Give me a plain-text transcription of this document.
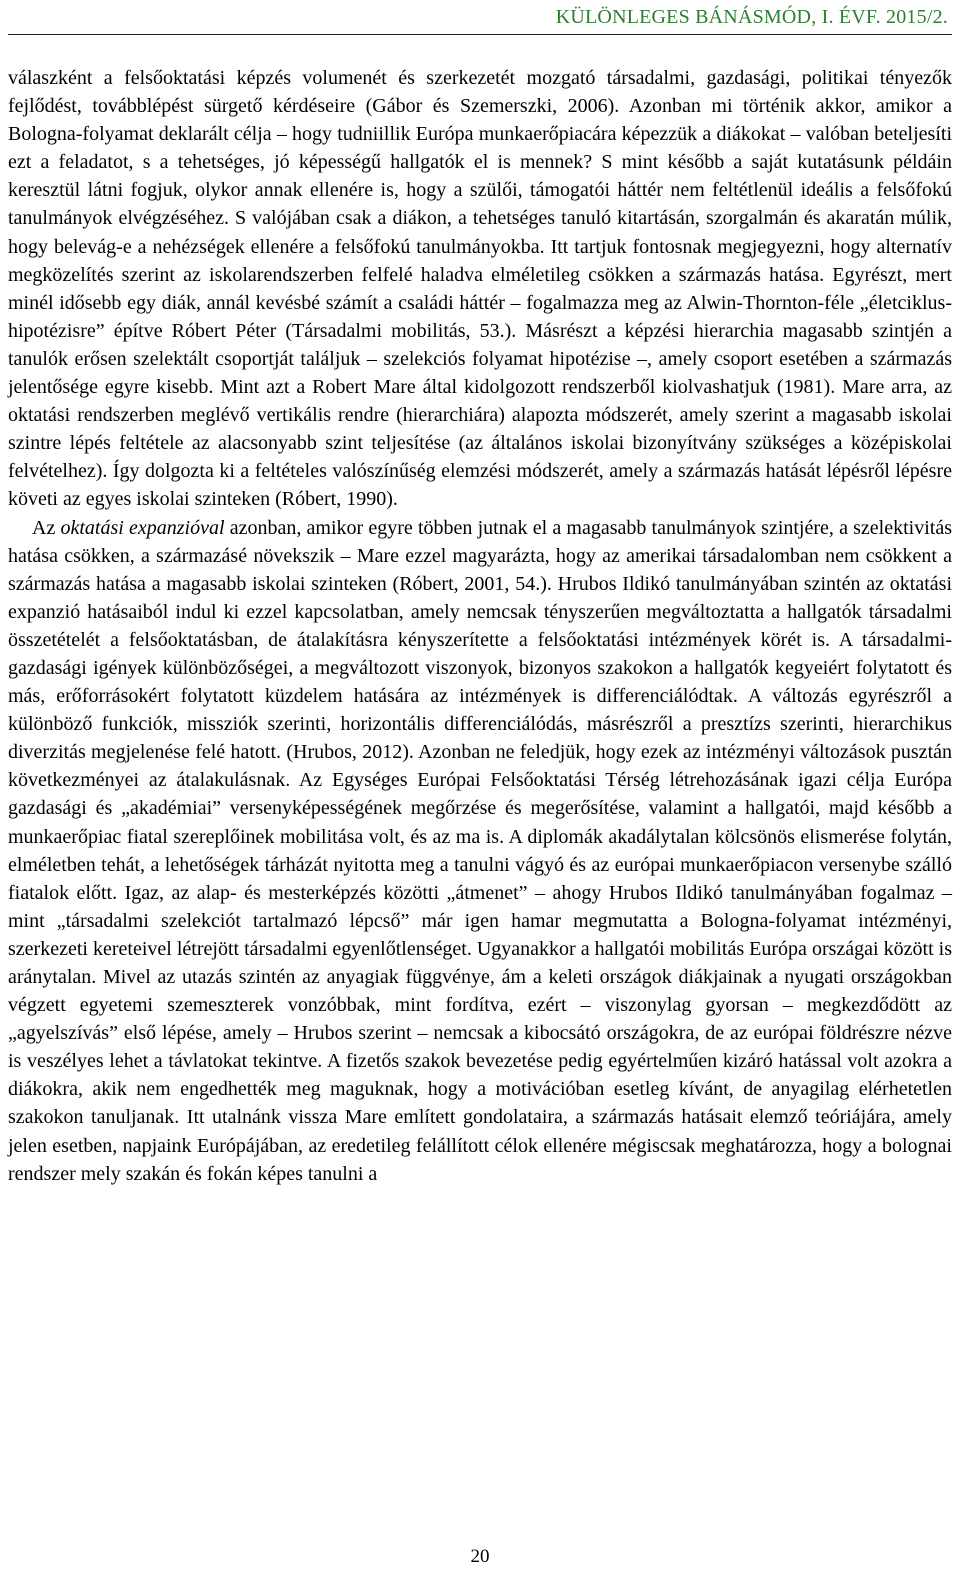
KÜLÖNLEGES BÁNÁSMÓD, I. ÉVF. 2015/2.

válaszként a felsőoktatási képzés volumenét és szerkezetét mozgató társadalmi, gazdasági, politikai tényezők fejlődést, továbblépést sürgető kérdéseire (Gábor és Szemerszki, 2006). Azonban mi történik akkor, amikor a Bologna-folyamat deklarált célja – hogy tudniillik Európa munkaerőpiacára képezzük a diákokat – valóban beteljesíti ezt a feladatot, s a tehetséges, jó képességű hallgatók el is mennek? S mint később a saját kutatásunk példáin keresztül látni fogjuk, olykor annak ellenére is, hogy a szülői, támogatói háttér nem feltétlenül ideális a felsőfokú tanulmányok elvégzéséhez. S valójában csak a diákon, a tehetséges tanuló kitartásán, szorgalmán és akaratán múlik, hogy belevág-e a nehézségek ellenére a felsőfokú tanulmányokba. Itt tartjuk fontosnak megjegyezni, hogy alternatív megközelítés szerint az iskolarendszerben felfelé haladva elméletileg csökken a származás hatása. Egyrészt, mert minél idősebb egy diák, annál kevésbé számít a családi háttér – fogalmazza meg az Alwin-Thornton-féle „életciklus-hipotézisre” építve Róbert Péter (Társadalmi mobilitás, 53.). Másrészt a képzési hierarchia magasabb szintjén a tanulók erősen szelektált csoportját találjuk – szelekciós folyamat hipotézise –, amely csoport esetében a származás jelentősége egyre kisebb. Mint azt a Robert Mare által kidolgozott rendszerből kiolvashatjuk (1981). Mare arra, az oktatási rendszerben meglévő vertikális rendre (hierarchiára) alapozta módszerét, amely szerint a magasabb iskolai szintre lépés feltétele az alacsonyabb szint teljesítése (az általános iskolai bizonyítvány szükséges a középiskolai felvételhez). Így dolgozta ki a feltételes valószínűség elemzési módszerét, amely a származás hatását lépésről lépésre követi az egyes iskolai szinteken (Róbert, 1990).

Az oktatási expanzióval azonban, amikor egyre többen jutnak el a magasabb tanulmányok szintjére, a szelektivitás hatása csökken, a származásé növekszik – Mare ezzel magyarázta, hogy az amerikai társadalomban nem csökkent a származás hatása a magasabb iskolai szinteken (Róbert, 2001, 54.). Hrubos Ildikó tanulmányában szintén az oktatási expanzió hatásaiból indul ki ezzel kapcsolatban, amely nemcsak tényszerűen megváltoztatta a hallgatók társadalmi összetételét a felsőoktatásban, de átalakításra kényszerítette a felsőoktatási intézmények körét is. A társadalmi-gazdasági igények különbözőségei, a megváltozott viszonyok, bizonyos szakokon a hallgatók kegyeiért folytatott és más, erőforrásokért folytatott küzdelem hatására az intézmények is differenciálódtak. A változás egyrészről a különböző funkciók, missziók szerinti, horizontális differenciálódás, másrészről a presztízs szerinti, hierarchikus diverzitás megjelenése felé hatott. (Hrubos, 2012). Azonban ne feledjük, hogy ezek az intézményi változások pusztán következményei az átalakulásnak. Az Egységes Európai Felsőoktatási Térség létrehozásának igazi célja Európa gazdasági és „akadémiai” versenyképességének megőrzése és megerősítése, valamint a hallgatói, majd később a munkaerőpiac fiatal szereplőinek mobilitása volt, és az ma is. A diplomák akadálytalan kölcsönös elismerése folytán, elméletben tehát, a lehetőségek tárházát nyitotta meg a tanulni vágyó és az európai munkaerőpiacon versenybe szálló fiatalok előtt. Igaz, az alap- és mesterképzés közötti „átmenet” – ahogy Hrubos Ildikó tanulmányában fogalmaz – mint „társadalmi szelekciót tartalmazó lépcső” már igen hamar megmutatta a Bologna-folyamat intézményi, szerkezeti kereteivel létrejött társadalmi egyenlőtlenséget. Ugyanakkor a hallgatói mobilitás Európa országai között is aránytalan. Mivel az utazás szintén az anyagiak függvénye, ám a keleti országok diákjainak a nyugati országokban végzett egyetemi szemeszterek vonzóbbak, mint fordítva, ezért – viszonylag gyorsan – megkezdődött az „agyelszívás” első lépése, amely – Hrubos szerint – nemcsak a kibocsátó országokra, de az európai földrészre nézve is veszélyes lehet a távlatokat tekintve. A fizetős szakok bevezetése pedig egyértelműen kizáró hatással volt azokra a diákokra, akik nem engedhették meg maguknak, hogy a motivációban esetleg kívánt, de anyagilag elérhetetlen szakokon tanuljanak. Itt utalnánk vissza Mare említett gondolataira, a származás hatásait elemző teóriájára, amely jelen esetben, napjaink Európájában, az eredetileg felállított célok ellenére mégiscsak meghatározza, hogy a bolognai rendszer mely szakán és fokán képes tanulni a

20
